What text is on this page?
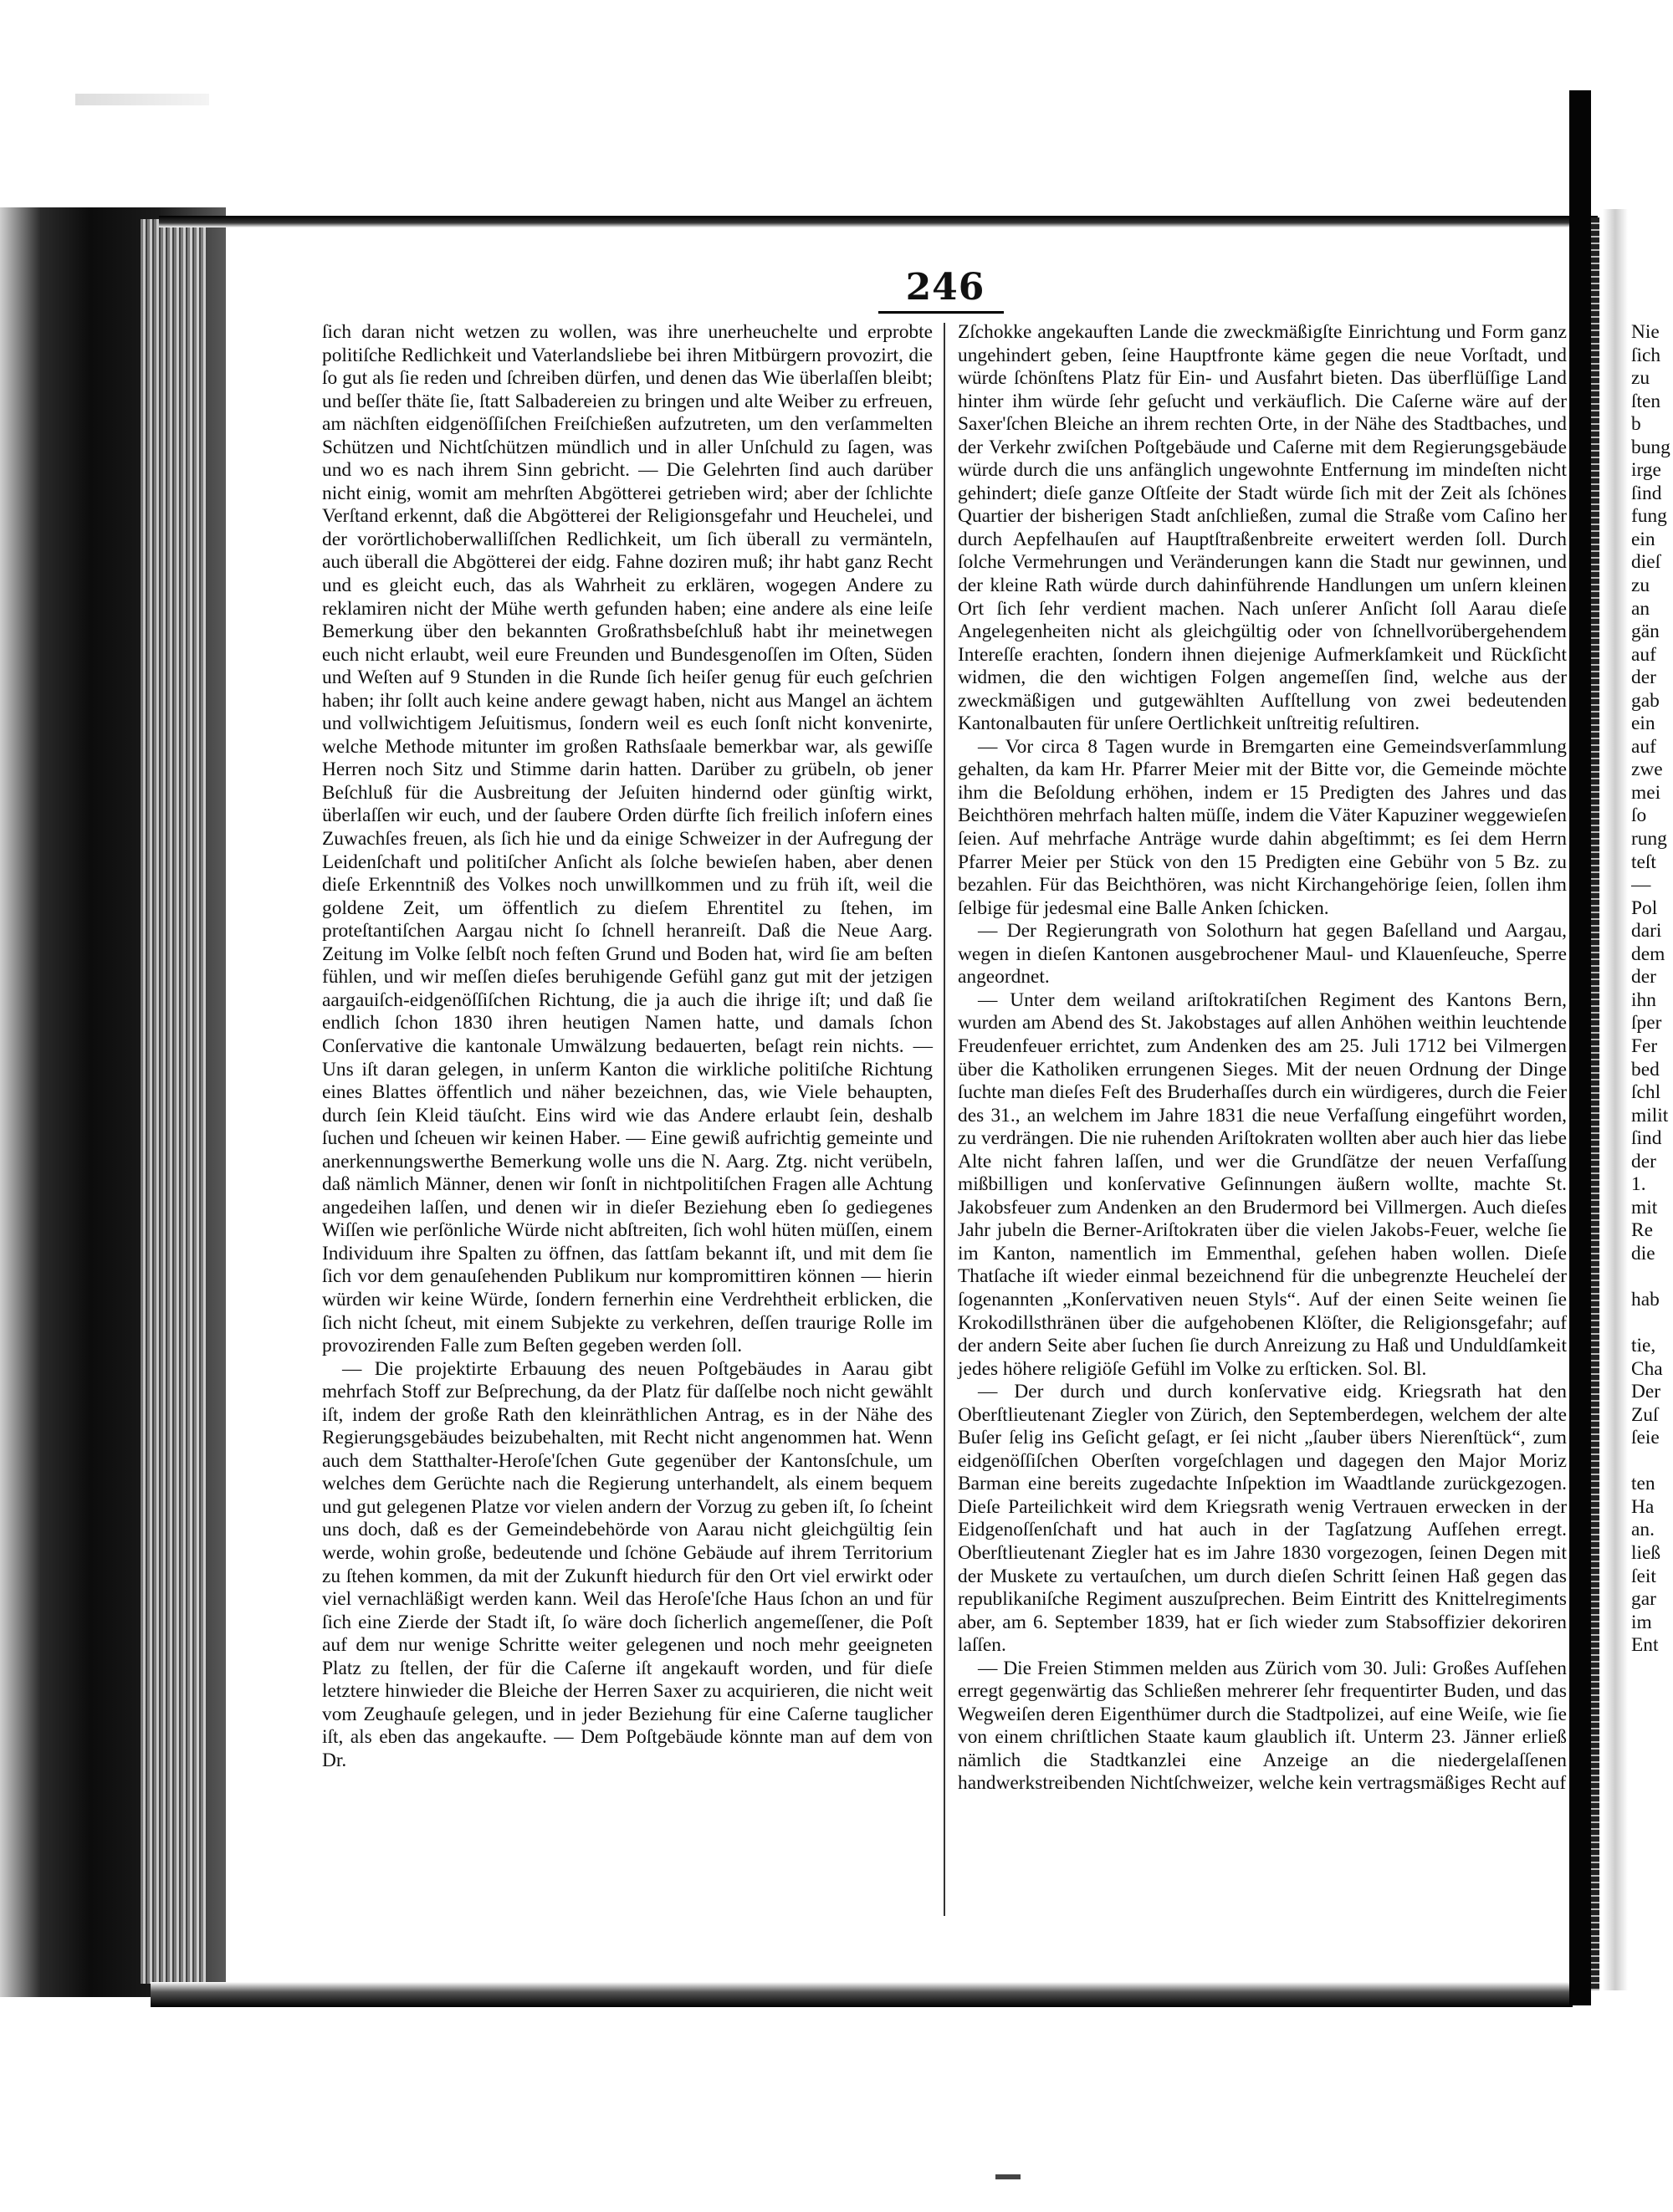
246

ſich daran nicht wetzen zu wollen, was ihre unerheuchelte und erprobte politiſche Redlichkeit und Vaterlandsliebe bei ihren Mitbürgern provozirt, die ſo gut als ſie reden und ſchreiben dürfen, und denen das Wie überlaſſen bleibt; und beſſer thäte ſie, ſtatt Salbadereien zu bringen und alte Weiber zu erfreuen, am nächſten eidgenöſſiſchen Freiſchießen aufzutreten, um den verſammelten Schützen und Nichtſchützen mündlich und in aller Unſchuld zu ſagen, was und wo es nach ihrem Sinn gebricht. — Die Gelehrten ſind auch darüber nicht einig, womit am mehrſten Abgötterei getrieben wird; aber der ſchlichte Verſtand erkennt, daß die Abgötterei der Religionsgefahr und Heuchelei, und der vorörtlichoberwalliſſchen Redlichkeit, um ſich überall zu vermänteln, auch überall die Abgötterei der eidg. Fahne doziren muß; ihr habt ganz Recht und es gleicht euch, das als Wahrheit zu erklären, wogegen Andere zu reklamiren nicht der Mühe werth gefunden haben; eine andere als eine leiſe Bemerkung über den bekannten Großrathsbeſchluß habt ihr meinetwegen euch nicht erlaubt, weil eure Freunden und Bundesgenoſſen im Oſten, Süden und Weſten auf 9 Stunden in die Runde ſich heiſer genug für euch geſchrien haben; ihr ſollt auch keine andere gewagt haben, nicht aus Mangel an ächtem und vollwichtigem Jeſuitismus, ſondern weil es euch ſonſt nicht konvenirte, welche Methode mitunter im großen Rathsſaale bemerkbar war, als gewiſſe Herren noch Sitz und Stimme darin hatten. Darüber zu grübeln, ob jener Beſchluß für die Ausbreitung der Jeſuiten hindernd oder günſtig wirkt, überlaſſen wir euch, und der ſaubere Orden dürfte ſich freilich inſofern eines Zuwachſes freuen, als ſich hie und da einige Schweizer in der Aufregung der Leidenſchaft und politiſcher Anſicht als ſolche bewieſen haben, aber denen dieſe Erkenntniß des Volkes noch unwillkommen und zu früh iſt, weil die goldene Zeit, um öffentlich zu dieſem Ehrentitel zu ſtehen, im proteſtantiſchen Aargau nicht ſo ſchnell heranreiſt. Daß die Neue Aarg. Zeitung im Volke ſelbſt noch feſten Grund und Boden hat, wird ſie am beſten fühlen, und wir meſſen dieſes beruhigende Gefühl ganz gut mit der jetzigen aargauiſch-eidgenöſſiſchen Richtung, die ja auch die ihrige iſt; und daß ſie endlich ſchon 1830 ihren heutigen Namen hatte, und damals ſchon Conſervative die kantonale Umwälzung bedauerten, beſagt rein nichts. — Uns iſt daran gelegen, in unſerm Kanton die wirkliche politiſche Richtung eines Blattes öffentlich und näher bezeichnen, das, wie Viele behaupten, durch ſein Kleid täuſcht. Eins wird wie das Andere erlaubt ſein, deshalb ſuchen und ſcheuen wir keinen Haber. — Eine gewiß aufrichtig gemeinte und anerkennungswerthe Bemerkung wolle uns die N. Aarg. Ztg. nicht verübeln, daß nämlich Männer, denen wir ſonſt in nichtpolitiſchen Fragen alle Achtung angedeihen laſſen, und denen wir in dieſer Beziehung eben ſo gediegenes Wiſſen wie perſönliche Würde nicht abſtreiten, ſich wohl hüten müſſen, einem Individuum ihre Spalten zu öffnen, das ſattſam bekannt iſt, und mit dem ſie ſich vor dem genauſehenden Publikum nur kompromittiren können — hierin würden wir keine Würde, ſondern fernerhin eine Verdrehtheit erblicken, die ſich nicht ſcheut, mit einem Subjekte zu verkehren, deſſen traurige Rolle im provozirenden Falle zum Beſten gegeben werden ſoll.

— Die projektirte Erbauung des neuen Poſtgebäudes in Aarau gibt mehrfach Stoff zur Beſprechung, da der Platz für daſſelbe noch nicht gewählt iſt, indem der große Rath den kleinräthlichen Antrag, es in der Nähe des Regierungsgebäudes beizubehalten, mit Recht nicht angenommen hat. Wenn auch dem Statthalter-Heroſe'ſchen Gute gegenüber der Kantonsſchule, um welches dem Gerüchte nach die Regierung unterhandelt, als einem bequem und gut gelegenen Platze vor vielen andern der Vorzug zu geben iſt, ſo ſcheint uns doch, daß es der Gemeindebehörde von Aarau nicht gleichgültig ſein werde, wohin große, bedeutende und ſchöne Gebäude auf ihrem Territorium zu ſtehen kommen, da mit der Zukunft hiedurch für den Ort viel erwirkt oder viel vernachläßigt werden kann. Weil das Heroſe'ſche Haus ſchon an und für ſich eine Zierde der Stadt iſt, ſo wäre doch ſicherlich angemeſſener, die Poſt auf dem nur wenige Schritte weiter gelegenen und noch mehr geeigneten Platz zu ſtellen, der für die Caſerne iſt angekauft worden, und für dieſe letztere hinwieder die Bleiche der Herren Saxer zu acquirieren, die nicht weit vom Zeughauſe gelegen, und in jeder Beziehung für eine Caſerne tauglicher iſt, als eben das angekaufte. — Dem Poſtgebäude könnte man auf dem von Dr.

Zſchokke angekauften Lande die zweckmäßigſte Einrichtung und Form ganz ungehindert geben, ſeine Hauptfronte käme gegen die neue Vorſtadt, und würde ſchönſtens Platz für Ein- und Ausfahrt bieten. Das überflüſſige Land hinter ihm würde ſehr geſucht und verkäuflich. Die Caſerne wäre auf der Saxer'ſchen Bleiche an ihrem rechten Orte, in der Nähe des Stadtbaches, und der Verkehr zwiſchen Poſtgebäude und Caſerne mit dem Regierungsgebäude würde durch die uns anfänglich ungewohnte Entfernung im mindeſten nicht gehindert; dieſe ganze Oſtſeite der Stadt würde ſich mit der Zeit als ſchönes Quartier der bisherigen Stadt anſchließen, zumal die Straße vom Caſino her durch Aepfelhauſen auf Hauptſtraßenbreite erweitert werden ſoll. Durch ſolche Vermehrungen und Veränderungen kann die Stadt nur gewinnen, und der kleine Rath würde durch dahinführende Handlungen um unſern kleinen Ort ſich ſehr verdient machen. Nach unſerer Anſicht ſoll Aarau dieſe Angelegenheiten nicht als gleichgültig oder von ſchnellvorübergehendem Intereſſe erachten, ſondern ihnen diejenige Aufmerkſamkeit und Rückſicht widmen, die den wichtigen Folgen angemeſſen ſind, welche aus der zweckmäßigen und gutgewählten Aufſtellung von zwei bedeutenden Kantonalbauten für unſere Oertlichkeit unſtreitig reſultiren.

— Vor circa 8 Tagen wurde in Bremgarten eine Gemeindsverſammlung gehalten, da kam Hr. Pfarrer Meier mit der Bitte vor, die Gemeinde möchte ihm die Beſoldung erhöhen, indem er 15 Predigten des Jahres und das Beichthören mehrfach halten müſſe, indem die Väter Kapuziner weggewieſen ſeien. Auf mehrfache Anträge wurde dahin abgeſtimmt; es ſei dem Herrn Pfarrer Meier per Stück von den 15 Predigten eine Gebühr von 5 Bz. zu bezahlen. Für das Beichthören, was nicht Kirchangehörige ſeien, ſollen ihm ſelbige für jedesmal eine Balle Anken ſchicken.

— Der Regierungrath von Solothurn hat gegen Baſelland und Aargau, wegen in dieſen Kantonen ausgebrochener Maul- und Klauenſeuche, Sperre angeordnet.

— Unter dem weiland ariſtokratiſchen Regiment des Kantons Bern, wurden am Abend des St. Jakobstages auf allen Anhöhen weithin leuchtende Freudenfeuer errichtet, zum Andenken des am 25. Juli 1712 bei Vilmergen über die Katholiken errungenen Sieges. Mit der neuen Ordnung der Dinge ſuchte man dieſes Feſt des Bruderhaſſes durch ein würdigeres, durch die Feier des 31., an welchem im Jahre 1831 die neue Verfaſſung eingeführt worden, zu verdrängen. Die nie ruhenden Ariſtokraten wollten aber auch hier das liebe Alte nicht fahren laſſen, und wer die Grundſätze der neuen Verfaſſung mißbilligen und konſervative Geſinnungen äußern wollte, machte St. Jakobsfeuer zum Andenken an den Brudermord bei Villmergen. Auch dieſes Jahr jubeln die Berner-Ariſtokraten über die vielen Jakobs-Feuer, welche ſie im Kanton, namentlich im Emmenthal, geſehen haben wollen. Dieſe Thatſache iſt wieder einmal bezeichnend für die unbegrenzte Heucheleí der ſogenannten „Konſervativen neuen Styls“. Auf der einen Seite weinen ſie Krokodillsthränen über die aufgehobenen Klöſter, die Religionsgefahr; auf der andern Seite aber ſuchen ſie durch Anreizung zu Haß und Unduldſamkeit jedes höhere religiöſe Gefühl im Volke zu erſticken. Sol. Bl.

— Der durch und durch konſervative eidg. Kriegsrath hat den Oberſtlieutenant Ziegler von Zürich, den Septemberdegen, welchem der alte Buſer ſelig ins Geſicht geſagt, er ſei nicht „ſauber übers Nierenſtück“, zum eidgenöſſiſchen Oberſten vorgeſchlagen und dagegen den Major Moriz Barman eine bereits zugedachte Inſpektion im Waadtlande zurückgezogen. Dieſe Parteilichkeit wird dem Kriegsrath wenig Vertrauen erwecken in der Eidgenoſſenſchaft und hat auch in der Tagſatzung Aufſehen erregt. Oberſtlieutenant Ziegler hat es im Jahre 1830 vorgezogen, ſeinen Degen mit der Muskete zu vertauſchen, um durch dieſen Schritt ſeinen Haß gegen das republikaniſche Regiment auszuſprechen. Beim Eintritt des Knittelregiments aber, am 6. September 1839, hat er ſich wieder zum Stabsoffizier dekoriren laſſen.

— Die Freien Stimmen melden aus Zürich vom 30. Juli: Großes Aufſehen erregt gegenwärtig das Schließen mehrerer ſehr frequentirter Buden, und das Wegweiſen deren Eigenthümer durch die Stadtpolizei, auf eine Weiſe, wie ſie von einem chriſtlichen Staate kaum glaublich iſt. Unterm 23. Jänner erließ nämlich die Stadtkanzlei eine Anzeige an die niedergelaſſenen handwerkstreibenden Nichtſchweizer, welche kein vertragsmäßiges Recht auf

Nie
ſich
zu
ſten
b
bung
irge
ſind
fung
ein
dieſ
zu
an
gän
auf
der
gab
ein
auf
zwe
mei
ſo
rung
teſt
—
Pol
dari
dem
der
ihn
ſper
Fer
bed
ſchl
milit
ſind
der
1.
mit
Re
die
hab
tie,
Cha
Der
Zuſ
ſeie
ten
Ha
an.
ließ
ſeit
gar
im
Ent
